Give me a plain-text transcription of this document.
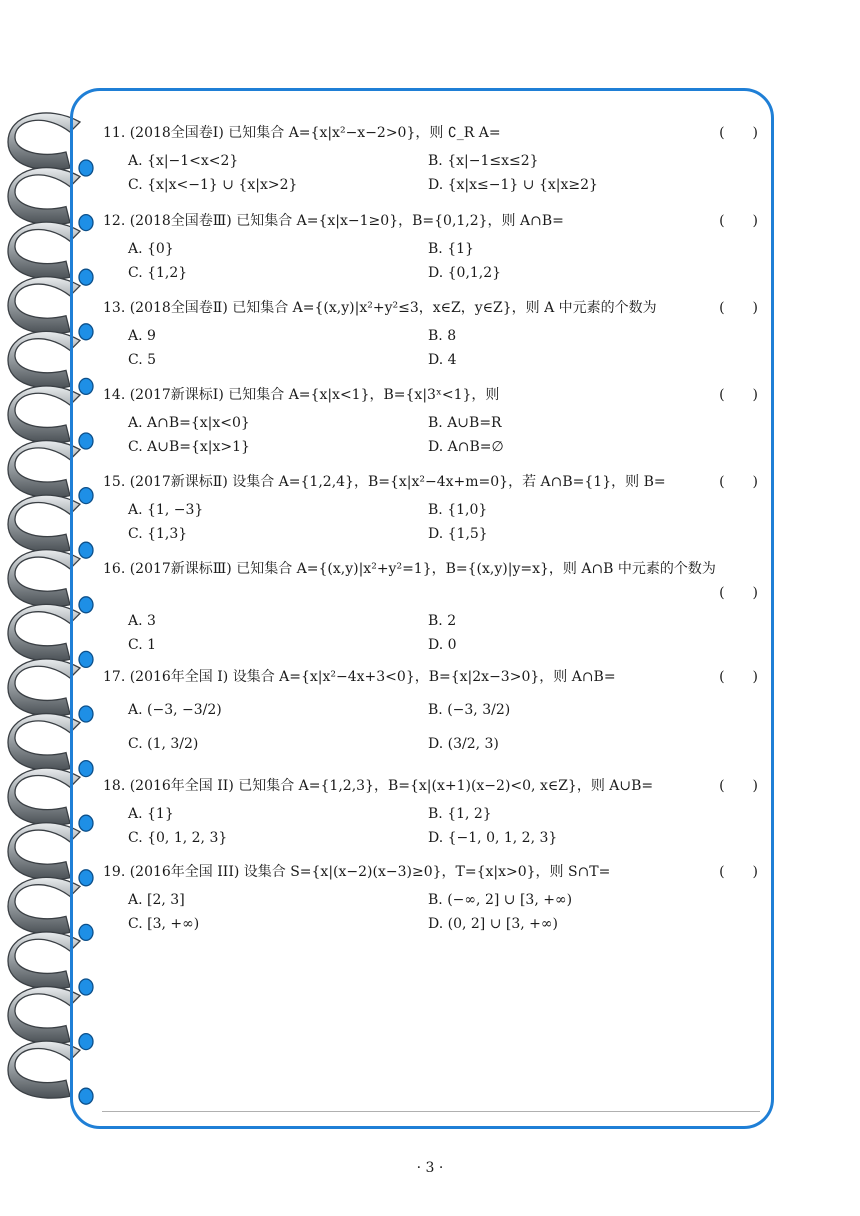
11. (2018全国卷Ⅰ) 已知集合 A={x|x²−x−2>0}，则 ∁_R A=	(　　)
A. {x|−1<x<2}	B. {x|−1≤x≤2}
C. {x|x<−1} ∪ {x|x>2}	D. {x|x≤−1} ∪ {x|x≥2}
12. (2018全国卷Ⅲ) 已知集合 A={x|x−1≥0}，B={0,1,2}，则 A∩B=	(　　)
A. {0}	B. {1}
C. {1,2}	D. {0,1,2}
13. (2018全国卷Ⅱ) 已知集合 A={(x,y)|x²+y²≤3，x∈Z，y∈Z}，则 A 中元素的个数为	(　　)
A. 9	B. 8
C. 5	D. 4
14. (2017新课标Ⅰ) 已知集合 A={x|x<1}，B={x|3ˣ<1}，则	(　　)
A. A∩B={x|x<0}	B. A∪B=R
C. A∪B={x|x>1}	D. A∩B=∅
15. (2017新课标Ⅱ) 设集合 A={1,2,4}，B={x|x²−4x+m=0}，若 A∩B={1}，则 B=	(　　)
A. {1, −3}	B. {1,0}
C. {1,3}	D. {1,5}
16. (2017新课标Ⅲ) 已知集合 A={(x,y)|x²+y²=1}，B={(x,y)|y=x}，则 A∩B 中元素的个数为
(　　)
A. 3	B. 2
C. 1	D. 0
17. (2016年全国 I) 设集合 A={x|x²−4x+3<0}，B={x|2x−3>0}，则 A∩B=	(　　)
A. (−3, −3/2)	B. (−3, 3/2)
C. (1, 3/2)	D. (3/2, 3)
18. (2016年全国 II) 已知集合 A={1,2,3}，B={x|(x+1)(x−2)<0, x∈Z}，则 A∪B=	(　　)
A. {1}	B. {1, 2}
C. {0, 1, 2, 3}	D. {−1, 0, 1, 2, 3}
19. (2016年全国 III) 设集合 S={x|(x−2)(x−3)≥0}，T={x|x>0}，则 S∩T=	(　　)
A. [2, 3]	B. (−∞, 2] ∪ [3, +∞)
C. [3, +∞)	D. (0, 2] ∪ [3, +∞)
· 3 ·
